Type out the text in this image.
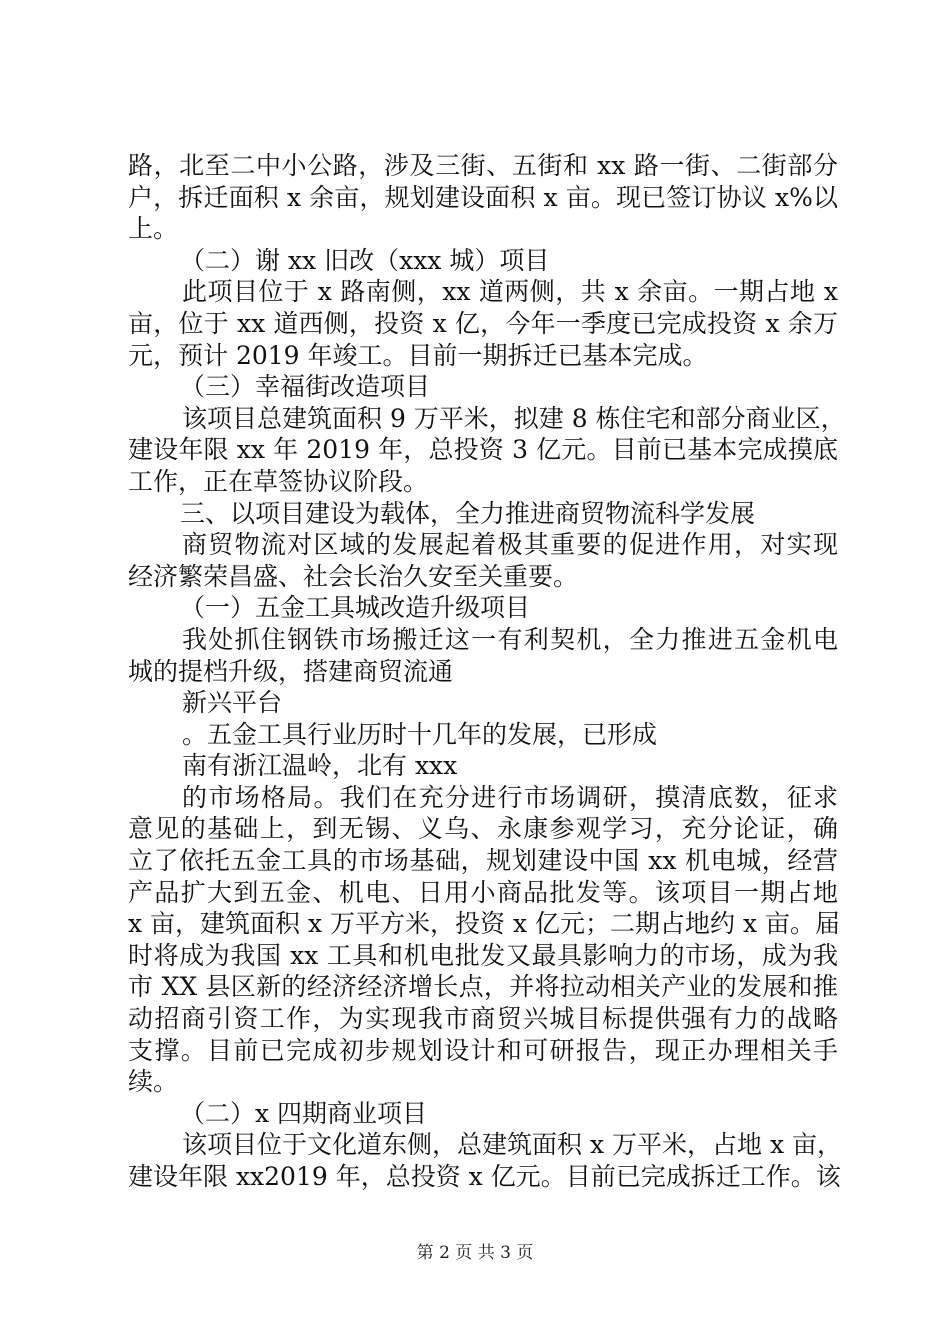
路，北至二中小公路，涉及三街、五街和 xx 路一街、二街部分
户，拆迁面积 x 余亩，规划建设面积 x 亩。现已签订协议 x%以
上。
（二）谢 xx 旧改（xxx 城）项目
此项目位于 x 路南侧，xx 道两侧，共 x 余亩。一期占地 x
亩，位于 xx 道西侧，投资 x 亿，今年一季度已完成投资 x 余万
元，预计 2019 年竣工。目前一期拆迁已基本完成。
（三）幸福街改造项目
该项目总建筑面积 9 万平米，拟建 8 栋住宅和部分商业区，
建设年限 xx 年 2019 年，总投资 3 亿元。目前已基本完成摸底
工作，正在草签协议阶段。
三、以项目建设为载体，全力推进商贸物流科学发展
商贸物流对区域的发展起着极其重要的促进作用，对实现
经济繁荣昌盛、社会长治久安至关重要。
（一）五金工具城改造升级项目
我处抓住钢铁市场搬迁这一有利契机，全力推进五金机电
城的提档升级，搭建商贸流通
新兴平台
。五金工具行业历时十几年的发展，已形成
南有浙江温岭，北有 xxx
的市场格局。我们在充分进行市场调研，摸清底数，征求
意见的基础上，到无锡、义乌、永康参观学习，充分论证，确
立了依托五金工具的市场基础，规划建设中国 xx 机电城，经营
产品扩大到五金、机电、日用小商品批发等。该项目一期占地
x 亩，建筑面积 x 万平方米，投资 x 亿元；二期占地约 x 亩。届
时将成为我国 xx 工具和机电批发又最具影响力的市场，成为我
市 XX 县区新的经济经济增长点，并将拉动相关产业的发展和推
动招商引资工作，为实现我市商贸兴城目标提供强有力的战略
支撑。目前已完成初步规划设计和可研报告，现正办理相关手
续。
（二）x 四期商业项目
该项目位于文化道东侧，总建筑面积 x 万平米，占地 x 亩，
建设年限 xx2019 年，总投资 x 亿元。目前已完成拆迁工作。该
第 2 页 共 3 页
